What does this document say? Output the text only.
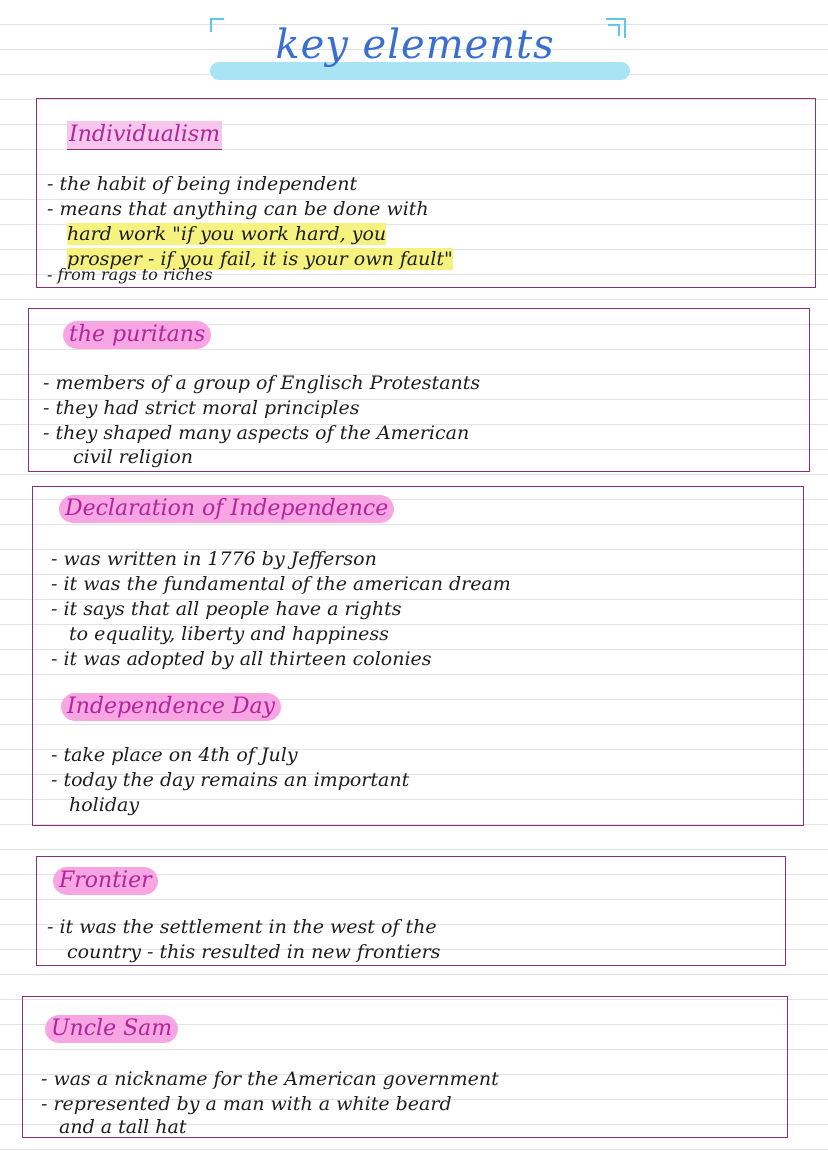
key elements
Individualism
- the habit of being independent
- means that anything can be done with
hard work "if you work hard, you
prosper - if you fail, it is your own fault"
- from rags to riches
the puritans
- members of a group of Englisch Protestants
- they had strict moral principles
- they shaped many aspects of the American
civil religion
Declaration of Independence
- was written in 1776 by Jefferson
- it was the fundamental of the american dream
- it says that all people have a rights
to equality, liberty and happiness
- it was adopted by all thirteen colonies
Independence Day
- take place on 4th of July
- today the day remains an important
holiday
Frontier
- it was the settlement in the west of the
country - this resulted in new frontiers
Uncle Sam
- was a nickname for the American government
- represented by a man with a white beard
and a tall hat
